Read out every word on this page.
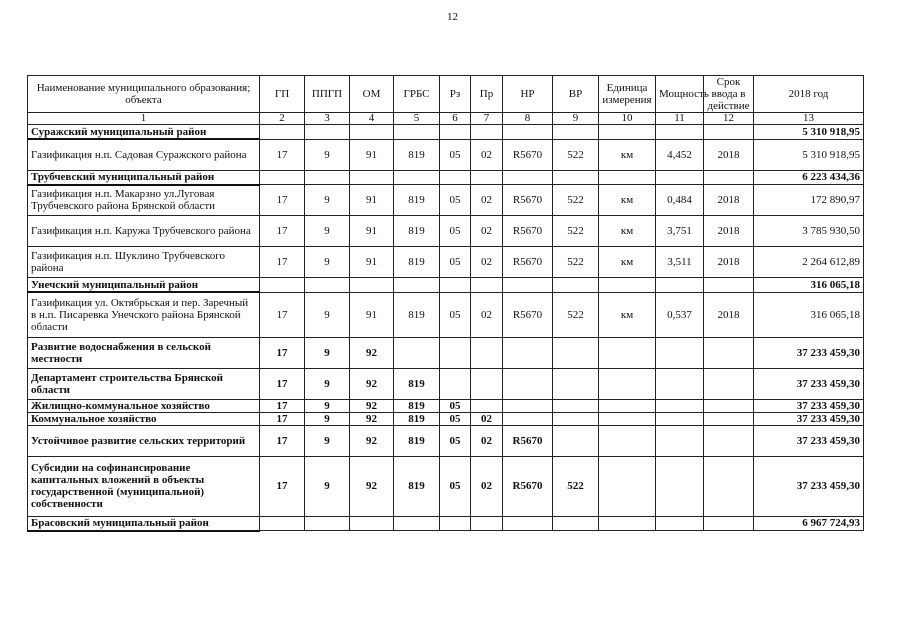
12
Наименование муниципального образования; объекта	ГП	ППГП	ОМ	ГРБС	Рз	Пр	НР	ВР	Единица измерения	Мощность	Срок ввода в действие	2018 год
1	2	3	4	5	6	7	8	9	10	11	12	13
Суражский муниципальный район												5 310 918,95
Газификация н.п. Садовая Суражского района	17	9	91	819	05	02	R5670	522	км	4,452	2018	5 310 918,95
Трубчевский муниципальный район												6 223 434,36
Газификация н.п. Макарзно ул.Луговая Трубчевского района Брянской области	17	9	91	819	05	02	R5670	522	км	0,484	2018	172 890,97
Газификация н.п. Каружа Трубчевского района	17	9	91	819	05	02	R5670	522	км	3,751	2018	3 785 930,50
Газификация н.п. Шуклино Трубчевского района	17	9	91	819	05	02	R5670	522	км	3,511	2018	2 264 612,89
Унечский муниципальный район												316 065,18
Газификация ул. Октябрьская и пер. Заречный в н.п. Писаревка Унечского района Брянской области	17	9	91	819	05	02	R5670	522	км	0,537	2018	316 065,18
Развитие водоснабжения в сельской местности	17	9	92									37 233 459,30
Департамент строительства Брянской области	17	9	92	819								37 233 459,30
Жилищно-коммунальное хозяйство	17	9	92	819	05							37 233 459,30
Коммунальное хозяйство	17	9	92	819	05	02						37 233 459,30
Устойчивое развитие сельских территорий	17	9	92	819	05	02	R5670					37 233 459,30
Субсидии на софинансирование капитальных вложений в объекты государственной (муниципальной) собственности	17	9	92	819	05	02	R5670	522				37 233 459,30
Брасовский муниципальный район												6 967 724,93
